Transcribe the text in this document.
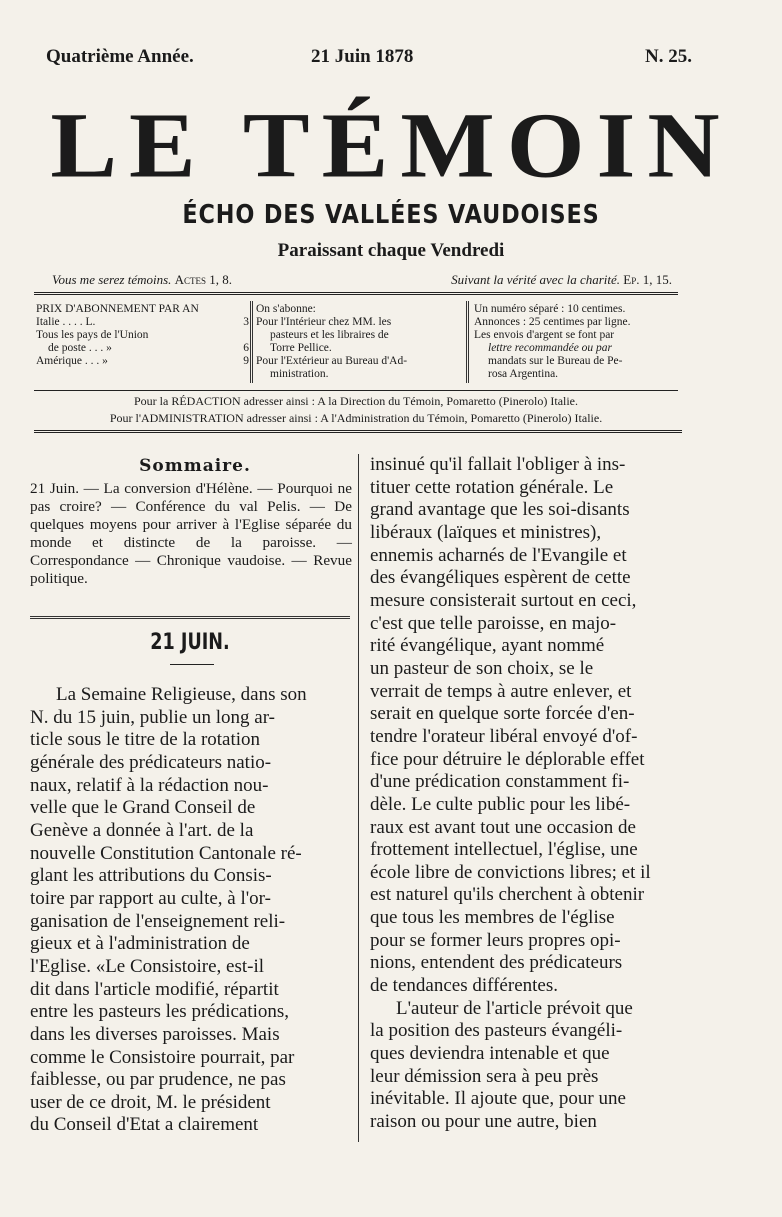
Quatrième Année.	21 Juin 1878	N. 25.
LE TÉMOIN
ÉCHO DES VALLÉES VAUDOISES
Paraissant chaque Vendredi
Vous me serez témoins. Actes 1, 8.	Suivant la vérité avec la charité. Ep. 1, 15.
PRIX D'ABONNEMENT PAR AN
Italie . . . . L.	3
Tous les pays de l'Union
de poste . . . »	6
Amérique . . . »	9
On s'abonne:
Pour l'Intérieur chez MM. les
pasteurs et les libraires de
Torre Pellice.
Pour l'Extérieur au Bureau d'Ad-
ministration.
Un numéro séparé : 10 centimes.
Annonces : 25 centimes par ligne.
Les envois d'argent se font par
lettre recommandée ou par
mandats sur le Bureau de Pe-
rosa Argentina.
Pour la RÉDACTION adresser ainsi : A la Direction du Témoin, Pomaretto (Pinerolo) Italie.
Pour l'ADMINISTRATION adresser ainsi : A l'Administration du Témoin, Pomaretto (Pinerolo) Italie.
Sommaire.
21 Juin. — La conversion d'Hélène. — Pourquoi ne pas croire? — Conférence du val Pelis. — De quelques moyens pour arriver à l'Eglise séparée du monde et distincte de la paroisse. — Correspondance — Chronique vaudoise. — Revue politique.
21 JUIN.
La Semaine Religieuse, dans son
N. du 15 juin, publie un long ar-
ticle sous le titre de la rotation
générale des prédicateurs natio-
naux, relatif à la rédaction nou-
velle que le Grand Conseil de
Genève a donnée à l'art. de la
nouvelle Constitution Cantonale ré-
glant les attributions du Consis-
toire par rapport au culte, à l'or-
ganisation de l'enseignement reli-
gieux et à l'administration de
l'Eglise. «Le Consistoire, est-il
dit dans l'article modifié, répartit
entre les pasteurs les prédications,
dans les diverses paroisses. Mais
comme le Consistoire pourrait, par
faiblesse, ou par prudence, ne pas
user de ce droit, M. le président
du Conseil d'Etat a clairement
insinué qu'il fallait l'obliger à ins-
tituer cette rotation générale. Le
grand avantage que les soi-disants
libéraux (laïques et ministres),
ennemis acharnés de l'Evangile et
des évangéliques espèrent de cette
mesure consisterait surtout en ceci,
c'est que telle paroisse, en majo-
rité évangélique, ayant nommé
un pasteur de son choix, se le
verrait de temps à autre enlever, et
serait en quelque sorte forcée d'en-
tendre l'orateur libéral envoyé d'of-
fice pour détruire le déplorable effet
d'une prédication constamment fi-
dèle. Le culte public pour les libé-
raux est avant tout une occasion de
frottement intellectuel, l'église, une
école libre de convictions libres; et il
est naturel qu'ils cherchent à obtenir
que tous les membres de l'église
pour se former leurs propres opi-
nions, entendent des prédicateurs
de tendances différentes.
L'auteur de l'article prévoit que
la position des pasteurs évangéli-
ques deviendra intenable et que
leur démission sera à peu près
inévitable. Il ajoute que, pour une
raison ou pour une autre, bien
